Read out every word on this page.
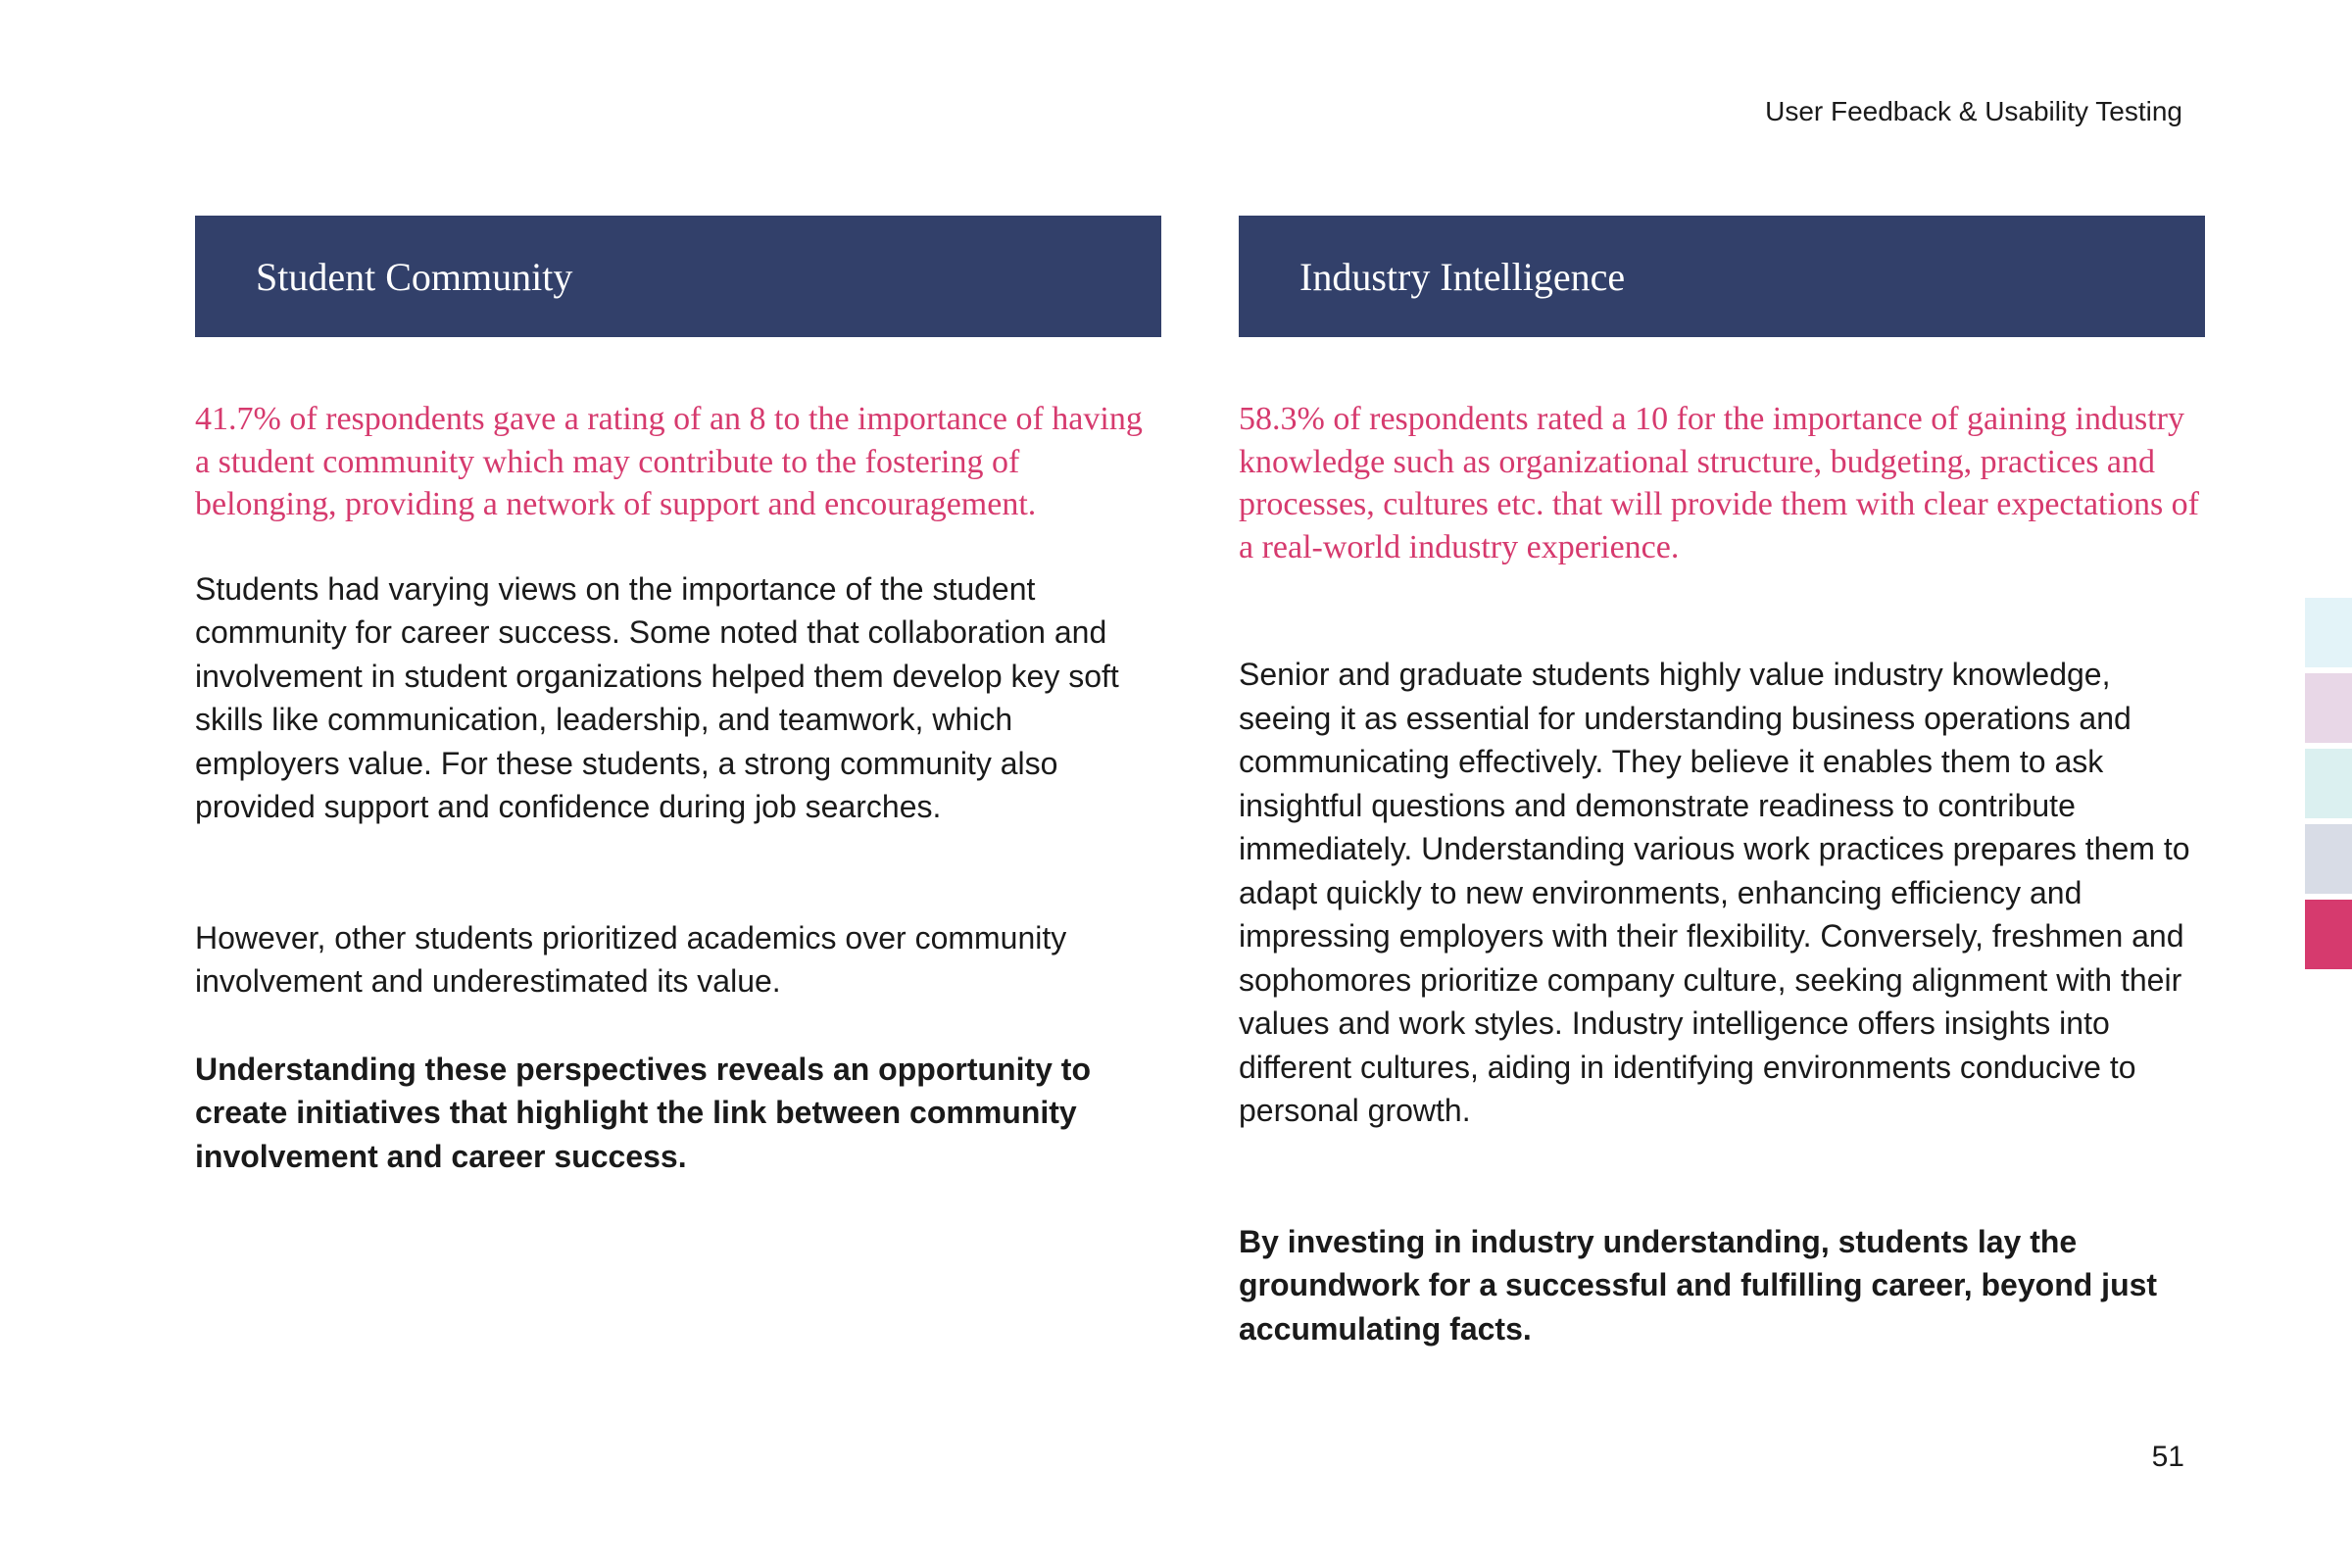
User Feedback & Usability Testing
Student Community
41.7% of respondents gave a rating of an 8 to the importance of having a student community which may contribute to the fostering of belonging, providing a network of support and encouragement.
Students had varying views on the importance of the student community for career success. Some noted that collaboration and involvement in student organizations helped them develop key soft skills like communication, leadership, and teamwork, which employers value. For these students, a strong community also provided support and confidence during job searches.
However, other students prioritized academics over community involvement and underestimated its value.
Understanding these perspectives reveals an opportunity to create initiatives that highlight the link between community involvement and career success.
Industry Intelligence
58.3% of respondents rated a 10 for the importance of gaining industry knowledge such as organizational structure, budgeting, practices and processes, cultures etc. that will provide them with clear expectations of a real-world industry experience.
Senior and graduate students highly value industry knowledge, seeing it as essential for understanding business operations and communicating effectively. They believe it enables them to ask insightful questions and demonstrate readiness to contribute immediately. Understanding various work practices prepares them to adapt quickly to new environments, enhancing efficiency and impressing employers with their flexibility. Conversely, freshmen and sophomores prioritize company culture, seeking alignment with their values and work styles. Industry intelligence offers insights into different cultures, aiding in identifying environments conducive to personal growth.
By investing in industry understanding, students lay the groundwork for a successful and fulfilling career, beyond just accumulating facts.
51
